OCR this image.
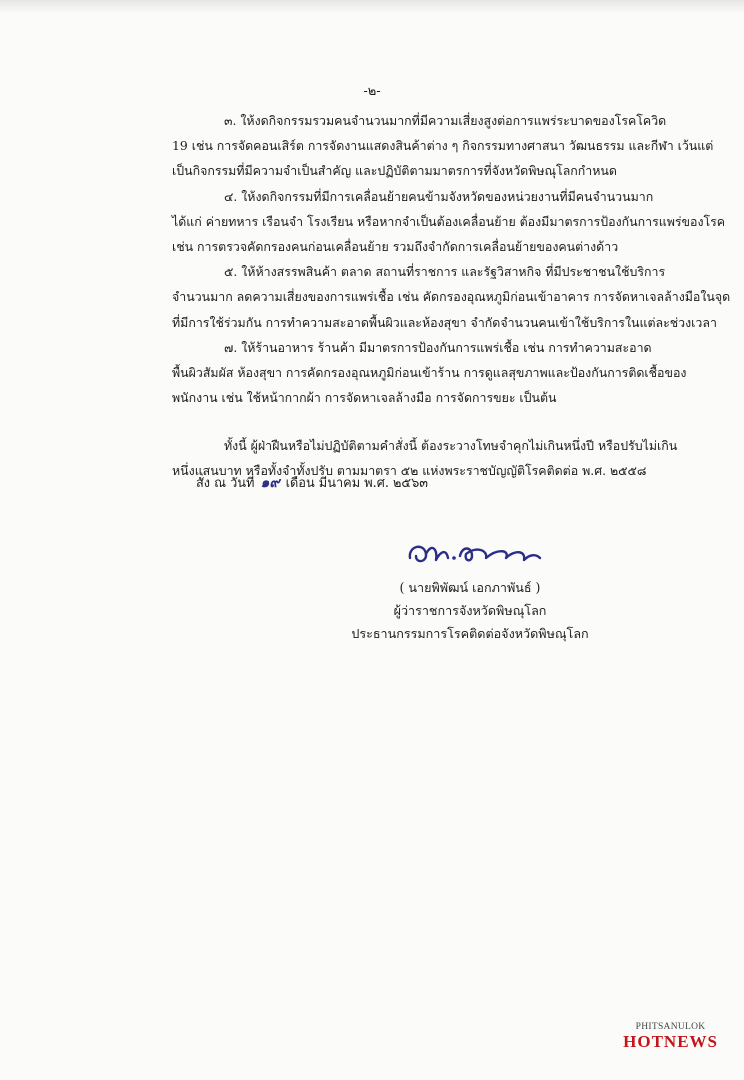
-๒-
๓. ให้งดกิจกรรมรวมคนจำนวนมากที่มีความเสี่ยงสูงต่อการแพร่ระบาดของโรคโควิด
19 เช่น การจัดคอนเสิร์ต การจัดงานแสดงสินค้าต่าง ๆ กิจกรรมทางศาสนา วัฒนธรรม และกีฬา เว้นแต่
เป็นกิจกรรมที่มีความจำเป็นสำคัญ และปฏิบัติตามมาตรการที่จังหวัดพิษณุโลกกำหนด
๔. ให้งดกิจกรรมที่มีการเคลื่อนย้ายคนข้ามจังหวัดของหน่วยงานที่มีคนจำนวนมาก
ได้แก่ ค่ายทหาร เรือนจำ โรงเรียน หรือหากจำเป็นต้องเคลื่อนย้าย ต้องมีมาตรการป้องกันการแพร่ของโรค
เช่น การตรวจคัดกรองคนก่อนเคลื่อนย้าย รวมถึงจำกัดการเคลื่อนย้ายของคนต่างด้าว
๕. ให้ห้างสรรพสินค้า ตลาด สถานที่ราชการ และรัฐวิสาหกิจ ที่มีประชาชนใช้บริการ
จำนวนมาก ลดความเสี่ยงของการแพร่เชื้อ เช่น คัดกรองอุณหภูมิก่อนเข้าอาคาร การจัดหาเจลล้างมือในจุด
ที่มีการใช้ร่วมกัน การทำความสะอาดพื้นผิวและห้องสุขา จำกัดจำนวนคนเข้าใช้บริการในแต่ละช่วงเวลา
๗. ให้ร้านอาหาร ร้านค้า มีมาตรการป้องกันการแพร่เชื้อ เช่น การทำความสะอาด
พื้นผิวสัมผัส ห้องสุขา การคัดกรองอุณหภูมิก่อนเข้าร้าน การดูแลสุขภาพและป้องกันการติดเชื้อของ
พนักงาน เช่น ใช้หน้ากากผ้า การจัดหาเจลล้างมือ การจัดการขยะ เป็นต้น
ทั้งนี้ ผู้ฝ่าฝืนหรือไม่ปฏิบัติตามคำสั่งนี้ ต้องระวางโทษจำคุกไม่เกินหนึ่งปี หรือปรับไม่เกิน
หนึ่งแสนบาท หรือทั้งจำทั้งปรับ ตามมาตรา ๕๒ แห่งพระราชบัญญัติโรคติดต่อ พ.ศ. ๒๕๕๘
สั่ง ณ วันที่ ๑๙ เดือน มีนาคม พ.ศ. ๒๕๖๓
( นายพิพัฒน์ เอกภาพันธ์ )
ผู้ว่าราชการจังหวัดพิษณุโลก
ประธานกรรมการโรคติดต่อจังหวัดพิษณุโลก
PHITSANULOK
HOTNEWS
